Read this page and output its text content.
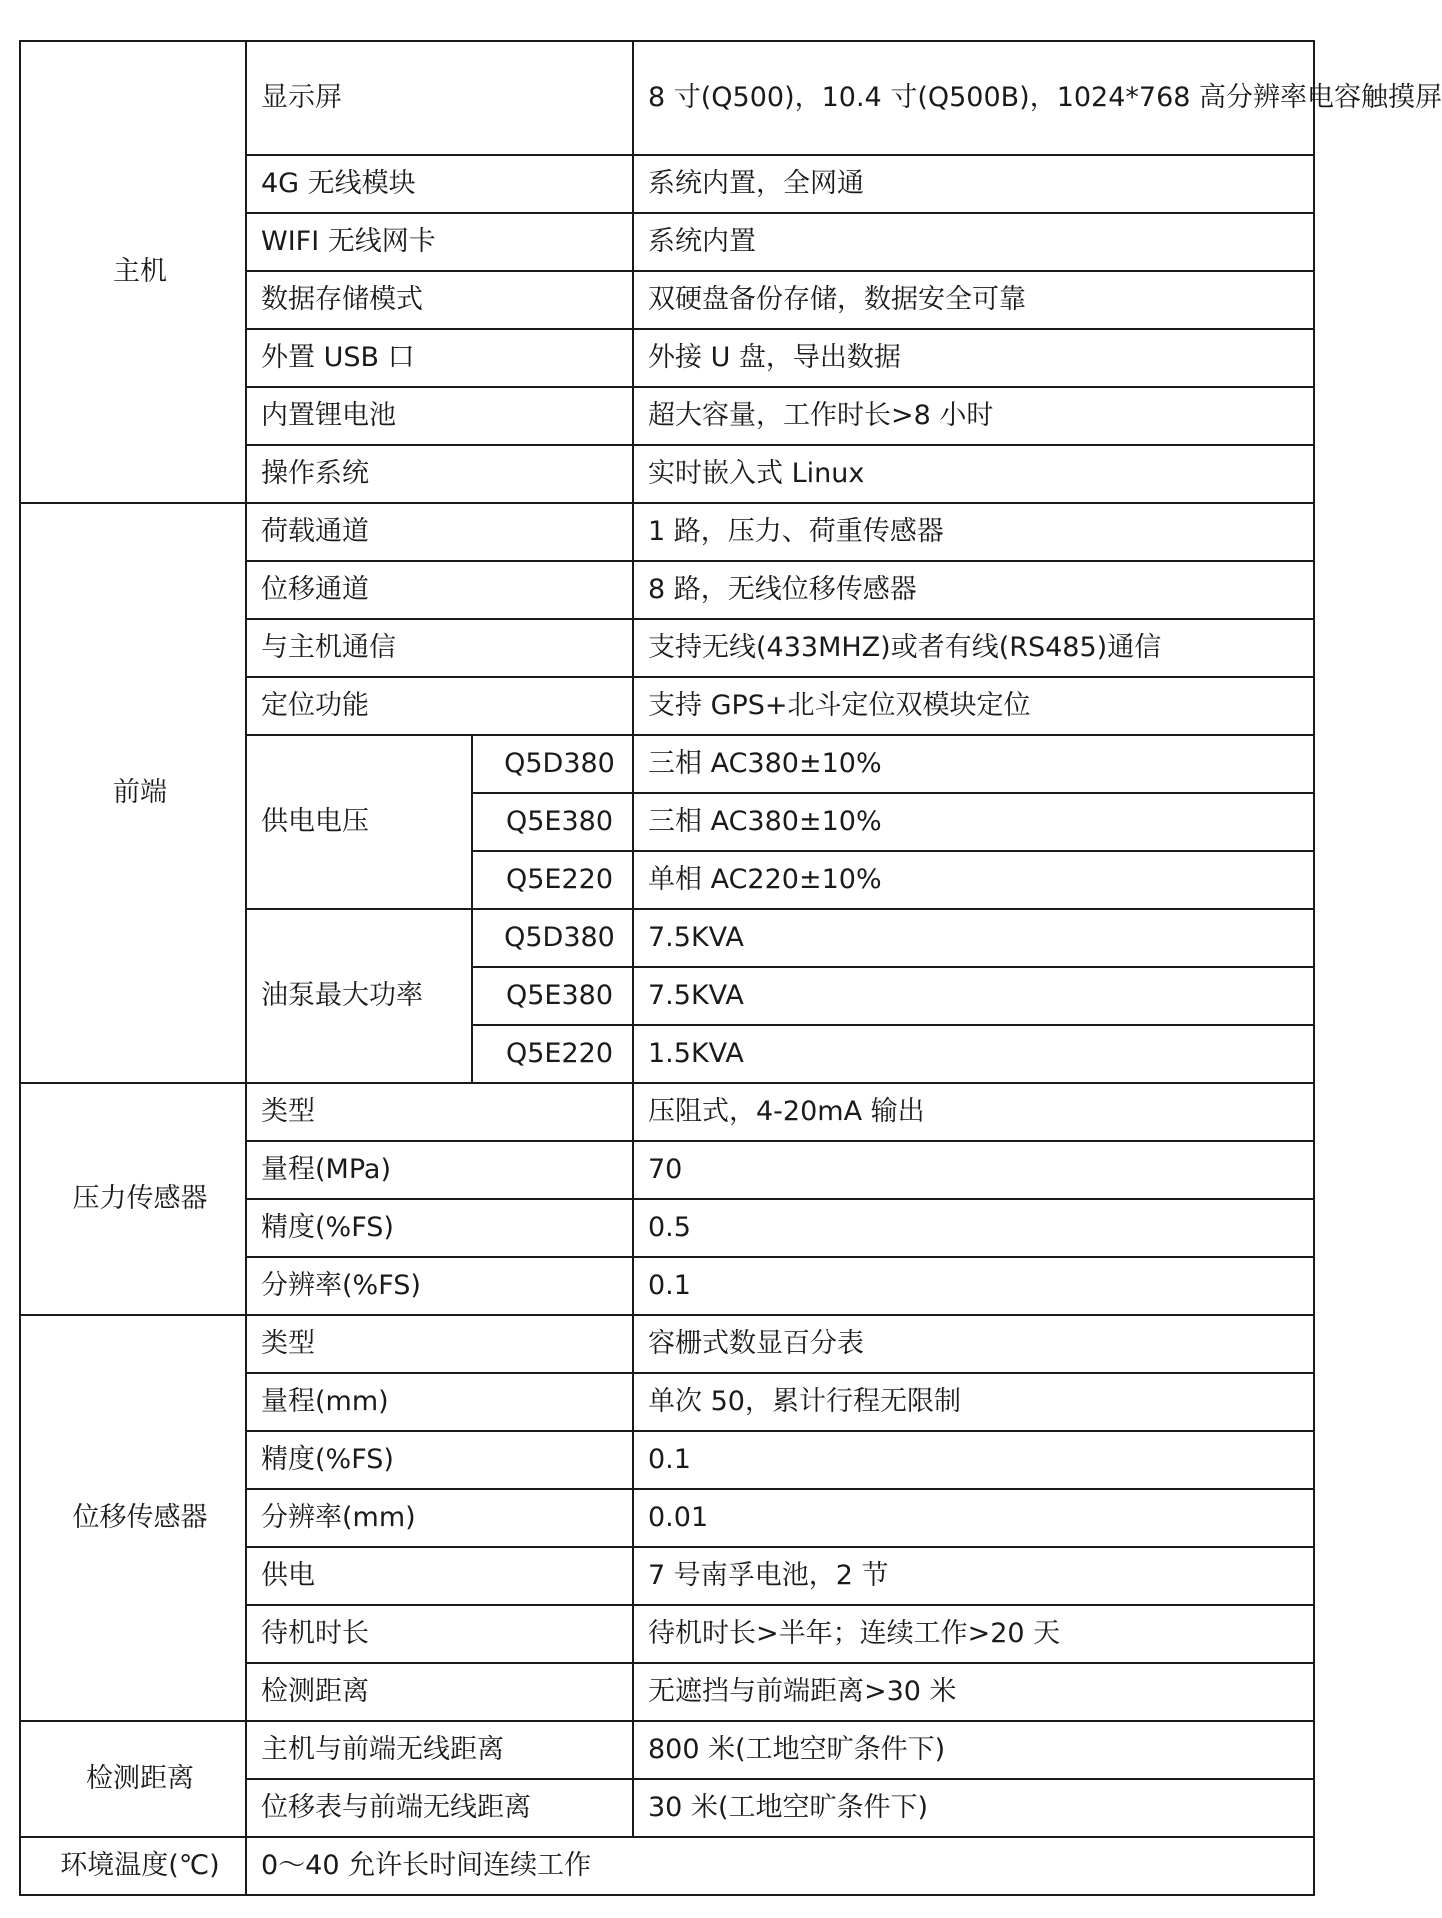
主机	显示屏		8 寸(Q500)，10.4 寸(Q500B)，1024*768 高分辨率电容触摸屏
	4G 无线模块		系统内置，全网通
	WIFI 无线网卡		系统内置
	数据存储模式		双硬盘备份存储，数据安全可靠
	外置 USB 口		外接 U 盘，导出数据
	内置锂电池		超大容量，工作时长>8 小时
	操作系统		实时嵌入式 Linux
前端	荷载通道		1 路，压力、荷重传感器
	位移通道		8 路，无线位移传感器
	与主机通信		支持无线(433MHZ)或者有线(RS485)通信
	定位功能		支持 GPS+北斗定位双模块定位
	供电电压	Q5D380	三相 AC380±10%
		Q5E380	三相 AC380±10%
		Q5E220	单相 AC220±10%
	油泵最大功率	Q5D380	7.5KVA
		Q5E380	7.5KVA
		Q5E220	1.5KVA
压力传感器	类型		压阻式，4-20mA 输出
	量程(MPa)		70
	精度(%FS)		0.5
	分辨率(%FS)		0.1
位移传感器	类型		容栅式数显百分表
	量程(mm)		单次 50，累计行程无限制
	精度(%FS)		0.1
	分辨率(mm)		0.01
	供电		7 号南孚电池，2 节
	待机时长		待机时长>半年；连续工作>20 天
	检测距离		无遮挡与前端距离>30 米
检测距离	主机与前端无线距离		800 米(工地空旷条件下)
	位移表与前端无线距离		30 米(工地空旷条件下)
环境温度(℃)	0～40 允许长时间连续工作		
